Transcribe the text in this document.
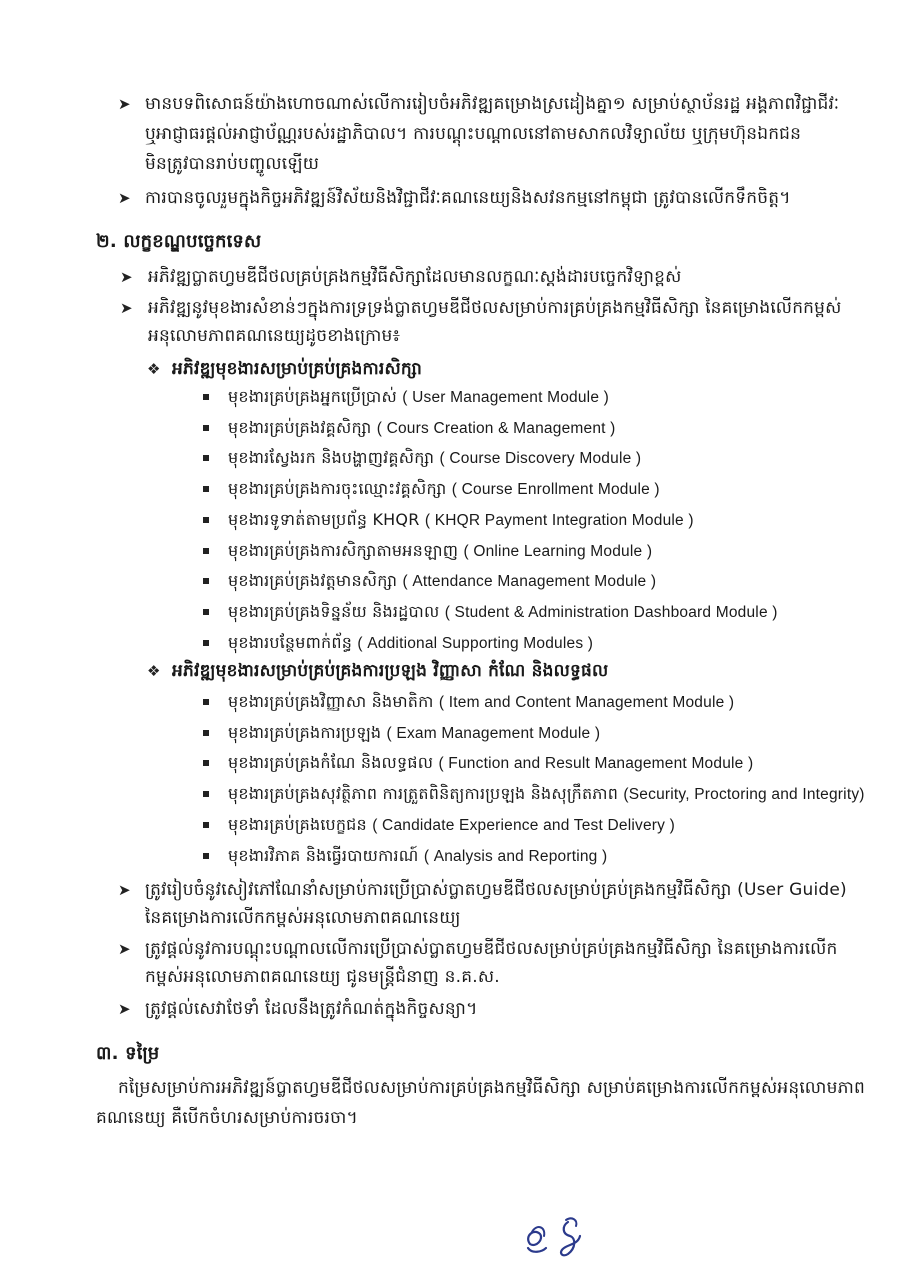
➤ មានបទពិសោធន៍យ៉ាងហោចណាស់លើការរៀបចំអភិវឌ្ឍគម្រោងស្រដៀងគ្នា១ សម្រាប់ស្ថាប័នរដ្ឋ អង្គភាពវិជ្ជាជីវៈ
ឬអាជ្ញាធរផ្តល់អាជ្ញាប័ណ្ណរបស់រដ្ឋាភិបាល។ ការបណ្តុះបណ្តាលនៅតាមសាកលវិទ្យាល័យ ឬក្រុមហ៊ុនឯកជន
មិនត្រូវបានរាប់បញ្ចូលឡើយ
➤ ការបានចូលរួមក្នុងកិច្ចអភិវឌ្ឍន៍វិស័យនិងវិជ្ជាជីវៈគណនេយ្យនិងសវនកម្មនៅកម្ពុជា ត្រូវបានលើកទឹកចិត្ត។
២. លក្ខខណ្ឌបច្ចេកទេស
➤ អភិវឌ្ឍប្លាតហ្វមឌីជីថលគ្រប់គ្រងកម្មវិធីសិក្សាដែលមានលក្ខណៈស្តង់ដារបច្ចេកវិទ្យាខ្ពស់
➤ អភិវឌ្ឍនូវមុខងារសំខាន់ៗក្នុងការទ្រទ្រង់ប្លាតហ្វមឌីជីថលសម្រាប់ការគ្រប់គ្រងកម្មវិធីសិក្សា នៃគម្រោងលើកកម្ពស់
អនុលោមភាពគណនេយ្យដូចខាងក្រោម៖
❖ អភិវឌ្ឍមុខងារសម្រាប់គ្រប់គ្រងការសិក្សា
មុខងារគ្រប់គ្រងអ្នកប្រើប្រាស់ ( User Management Module )
មុខងារគ្រប់គ្រងវគ្គសិក្សា ( Cours Creation & Management )
មុខងារស្វែងរក និងបង្ហាញវគ្គសិក្សា ( Course Discovery Module )
មុខងារគ្រប់គ្រងការចុះឈ្មោះវគ្គសិក្សា ( Course Enrollment Module )
មុខងារទូទាត់តាមប្រព័ន្ធ KHQR ( KHQR Payment Integration Module )
មុខងារគ្រប់គ្រងការសិក្សាតាមអនឡាញ ( Online Learning Module )
មុខងារគ្រប់គ្រងវត្តមានសិក្សា ( Attendance Management Module )
មុខងារគ្រប់គ្រងទិន្នន័យ និងរដ្ឋបាល ( Student & Administration Dashboard Module )
មុខងារបន្ថែមពាក់ព័ន្ធ ( Additional Supporting Modules )
❖ អភិវឌ្ឍមុខងារសម្រាប់គ្រប់គ្រងការប្រឡង វិញ្ញាសា កំណែ និងលទ្ធផល
មុខងារគ្រប់គ្រងវិញ្ញាសា និងមាតិកា ( Item and Content Management Module )
មុខងារគ្រប់គ្រងការប្រឡង ( Exam Management Module )
មុខងារគ្រប់គ្រងកំណែ និងលទ្ធផល ( Function and Result Management Module )
មុខងារគ្រប់គ្រងសុវត្ថិភាព ការត្រួតពិនិត្យការប្រឡង និងសុក្រឹតភាព (Security, Proctoring and Integrity)
មុខងារគ្រប់គ្រងបេក្ខជន ( Candidate Experience and Test Delivery )
មុខងារវិភាគ និងធ្វើរបាយការណ៍ ( Analysis and Reporting )
➤ ត្រូវរៀបចំនូវសៀវភៅណែនាំសម្រាប់ការប្រើប្រាស់ប្លាតហ្វមឌីជីថលសម្រាប់គ្រប់គ្រងកម្មវិធីសិក្សា (User Guide)
នៃគម្រោងការលើកកម្ពស់អនុលោមភាពគណនេយ្យ
➤ ត្រូវផ្តល់នូវការបណ្តុះបណ្តាលលើការប្រើប្រាស់ប្លាតហ្វមឌីជីថលសម្រាប់គ្រប់គ្រងកម្មវិធីសិក្សា នៃគម្រោងការលើក
កម្ពស់អនុលោមភាពគណនេយ្យ ជូនមន្ត្រីជំនាញ ន.គ.ស.
➤ ត្រូវផ្តល់សេវាថែទាំ ដែលនឹងត្រូវកំណត់ក្នុងកិច្ចសន្យា។
៣. ទម្រៃ
កម្រៃសម្រាប់ការអភិវឌ្ឍន៍ប្លាតហ្វមឌីជីថលសម្រាប់ការគ្រប់គ្រងកម្មវិធីសិក្សា សម្រាប់គម្រោងការលើកកម្ពស់អនុលោមភាព
គណនេយ្យ គឺបើកចំហរសម្រាប់ការចរចា។
